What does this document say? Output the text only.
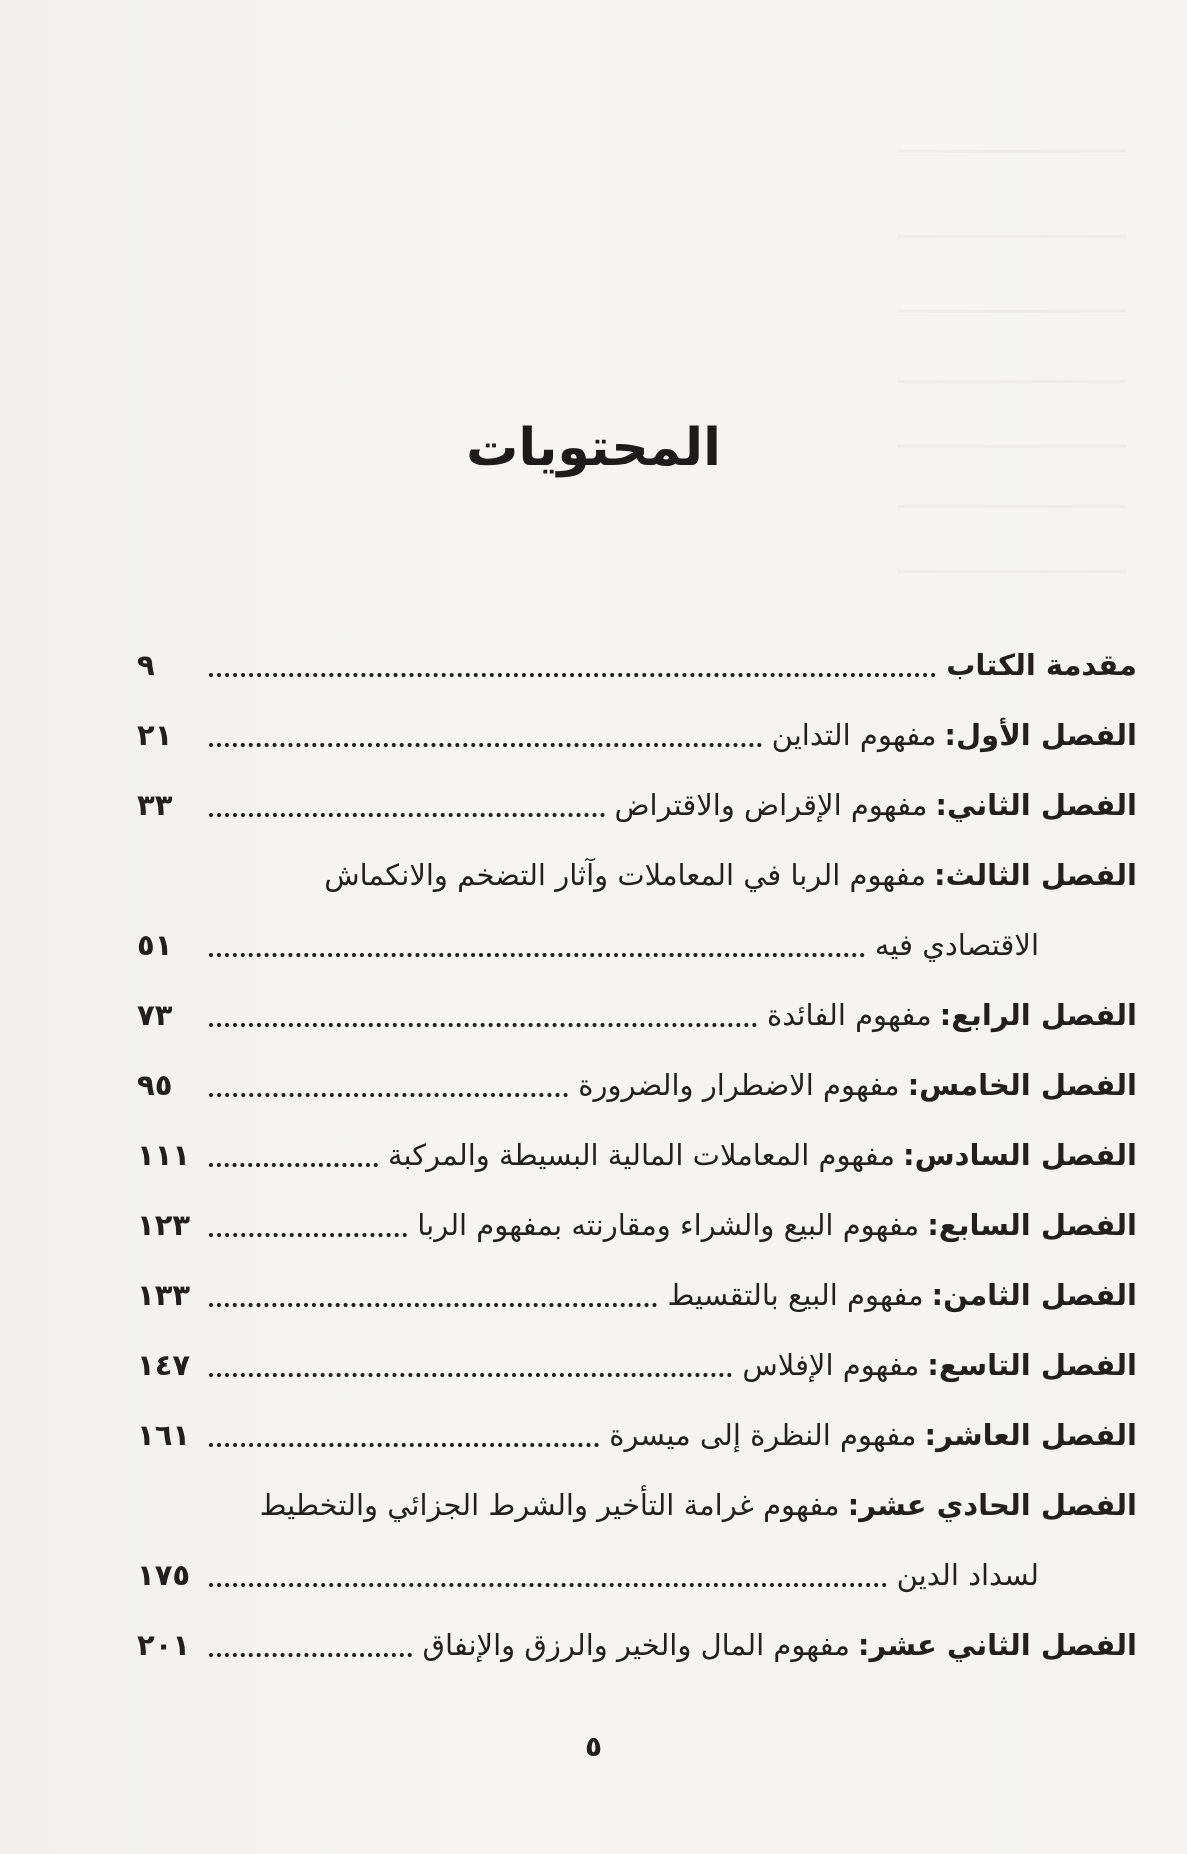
المحتويات
مقدمة الكتاب
٩
الفصل الأول:
مفهوم التداين
٢١
الفصل الثاني:
مفهوم الإقراض والاقتراض
٣٣
الفصل الثالث:
مفهوم الربا في المعاملات وآثار التضخم والانكماش
الاقتصادي فيه
٥١
الفصل الرابع:
مفهوم الفائدة
٧٣
الفصل الخامس:
مفهوم الاضطرار والضرورة
٩٥
الفصل السادس:
مفهوم المعاملات المالية البسيطة والمركبة
١١١
الفصل السابع:
مفهوم البيع والشراء ومقارنته بمفهوم الربا
١٢٣
الفصل الثامن:
مفهوم البيع بالتقسيط
١٣٣
الفصل التاسع:
مفهوم الإفلاس
١٤٧
الفصل العاشر:
مفهوم النظرة إلى ميسرة
١٦١
الفصل الحادي عشر:
مفهوم غرامة التأخير والشرط الجزائي والتخطيط
لسداد الدين
١٧٥
الفصل الثاني عشر:
مفهوم المال والخير والرزق والإنفاق
٢٠١
٥
